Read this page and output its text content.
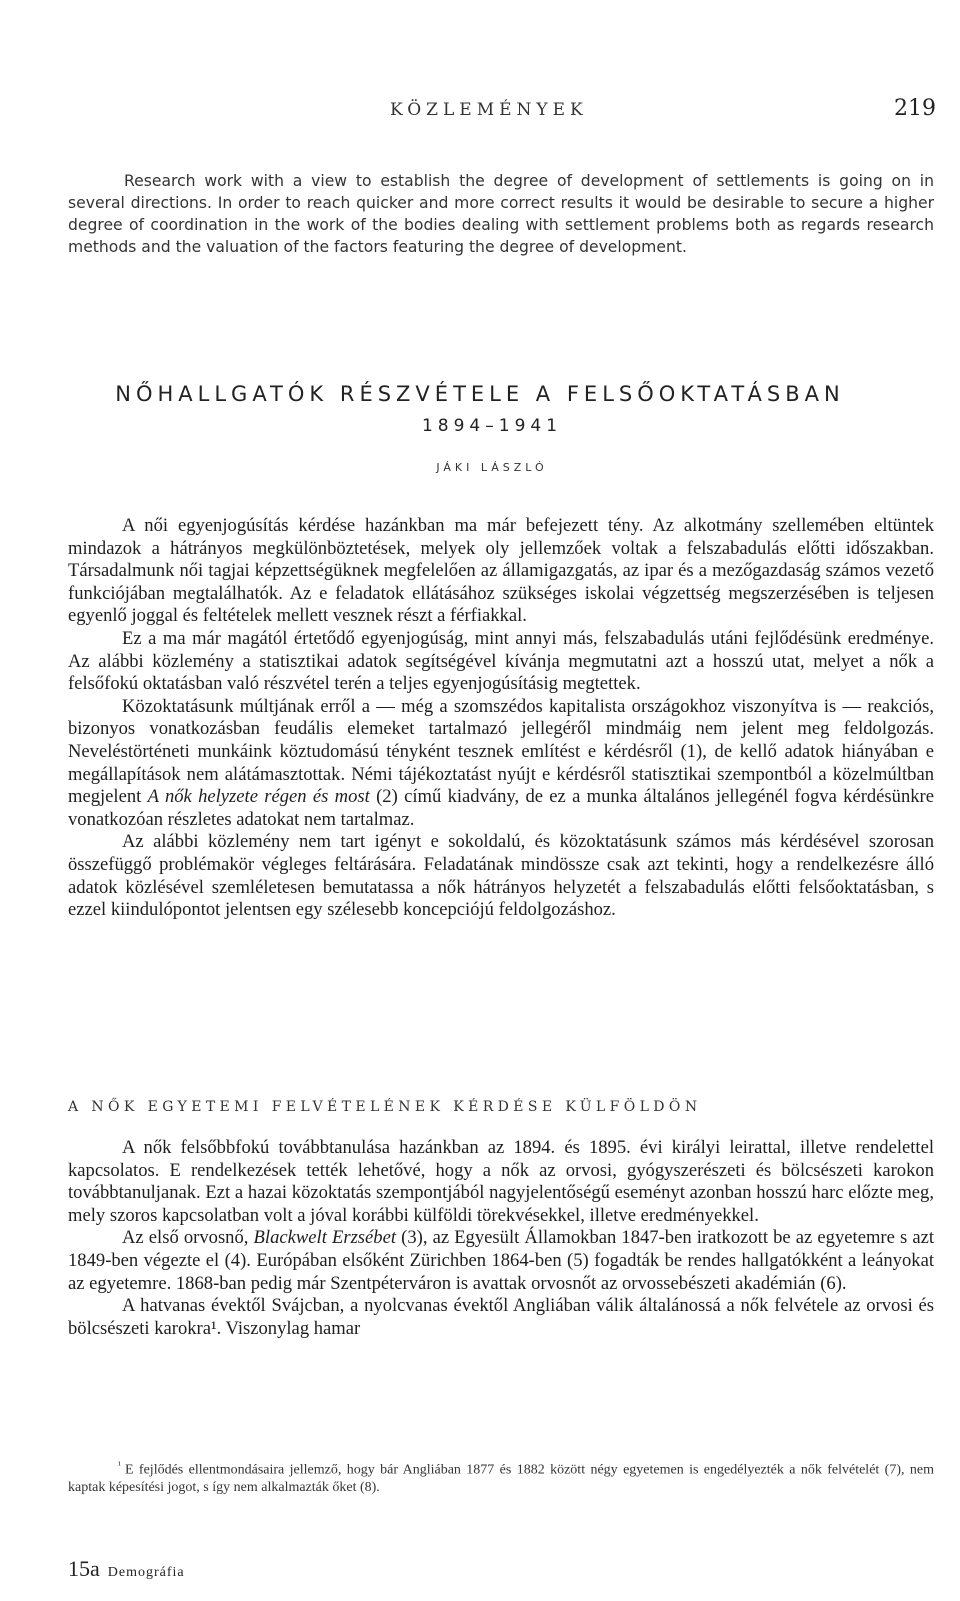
KÖZLEMÉNYEK	219

Research work with a view to establish the degree of development of settlements is going on in several directions. In order to reach quicker and more correct results it would be desirable to secure a higher degree of coordination in the work of the bodies dealing with settlement problems both as regards research methods and the valuation of the factors featuring the degree of development.

NŐHALLGATÓK RÉSZVÉTELE A FELSŐOKTATÁSBAN
1894–1941
JÁKI LÁSZLÓ

A női egyenjogúsítás kérdése hazánkban ma már befejezett tény. Az alkotmány szellemében eltüntek mindazok a hátrányos megkülönböztetések, melyek oly jellemzőek voltak a felszabadulás előtti időszakban. Társadalmunk női tagjai képzettségüknek megfelelően az államigazgatás, az ipar és a mezőgazdaság számos vezető funkciójában megtalálhatók. Az e feladatok ellátásához szükséges iskolai végzettség megszerzésében is teljesen egyenlő joggal és feltételek mellett vesznek részt a férfiakkal.

Ez a ma már magától értetődő egyenjogúság, mint annyi más, felszabadulás utáni fejlődésünk eredménye. Az alábbi közlemény a statisztikai adatok segítségével kívánja megmutatni azt a hosszú utat, melyet a nők a felsőfokú oktatásban való részvétel terén a teljes egyenjogúsításig megtettek.

Közoktatásunk múltjának erről a — még a szomszédos kapitalista országokhoz viszonyítva is — reakciós, bizonyos vonatkozásban feudális elemeket tartalmazó jellegéről mindmáig nem jelent meg feldolgozás. Neveléstörténeti munkáink köztudomású tényként tesznek említést e kérdésről (1), de kellő adatok hiányában e megállapítások nem alátámasztottak. Némi tájékoztatást nyújt e kérdésről statisztikai szempontból a közelmúltban megjelent A nők helyzete régen és most (2) című kiadvány, de ez a munka általános jellegénél fogva kérdésünkre vonatkozóan részletes adatokat nem tartalmaz.

Az alábbi közlemény nem tart igényt e sokoldalú, és közoktatásunk számos más kérdésével szorosan összefüggő problémakör végleges feltárására. Feladatának mindössze csak azt tekinti, hogy a rendelkezésre álló adatok közlésével szemléletesen bemutatassa a nők hátrányos helyzetét a felszabadulás előtti felsőoktatásban, s ezzel kiindulópontot jelentsen egy szélesebb koncepciójú feldolgozáshoz.

A NŐK EGYETEMI FELVÉTELÉNEK KÉRDÉSE KÜLFÖLDÖN

A nők felsőbbfokú továbbtanulása hazánkban az 1894. és 1895. évi királyi leirattal, illetve rendelettel kapcsolatos. E rendelkezések tették lehetővé, hogy a nők az orvosi, gyógyszerészeti és bölcsészeti karokon továbbtanuljanak. Ezt a hazai közoktatás szempontjából nagyjelentőségű eseményt azonban hosszú harc előzte meg, mely szoros kapcsolatban volt a jóval korábbi külföldi törekvésekkel, illetve eredményekkel.

Az első orvosnő, Blackwelt Erzsébet (3), az Egyesült Államokban 1847-ben iratkozott be az egyetemre s azt 1849-ben végezte el (4). Európában elsőként Zürichben 1864-ben (5) fogadták be rendes hallgatókként a leányokat az egyetemre. 1868-ban pedig már Szentpéterváron is avattak orvosnőt az orvossebészeti akadémián (6).

A hatvanas évektől Svájcban, a nyolcvanas évektől Angliában válik általánossá a nők felvétele az orvosi és bölcsészeti karokra¹. Viszonylag hamar

$^{^1}$ E fejlődés ellentmondásaira jellemző, hogy bár Angliában 1877 és 1882 között négy egyetemen is engedélyezték a nők felvételét (7), nem kaptak képesítési jogot, s így nem alkalmazták őket (8).

15a Demográfia
